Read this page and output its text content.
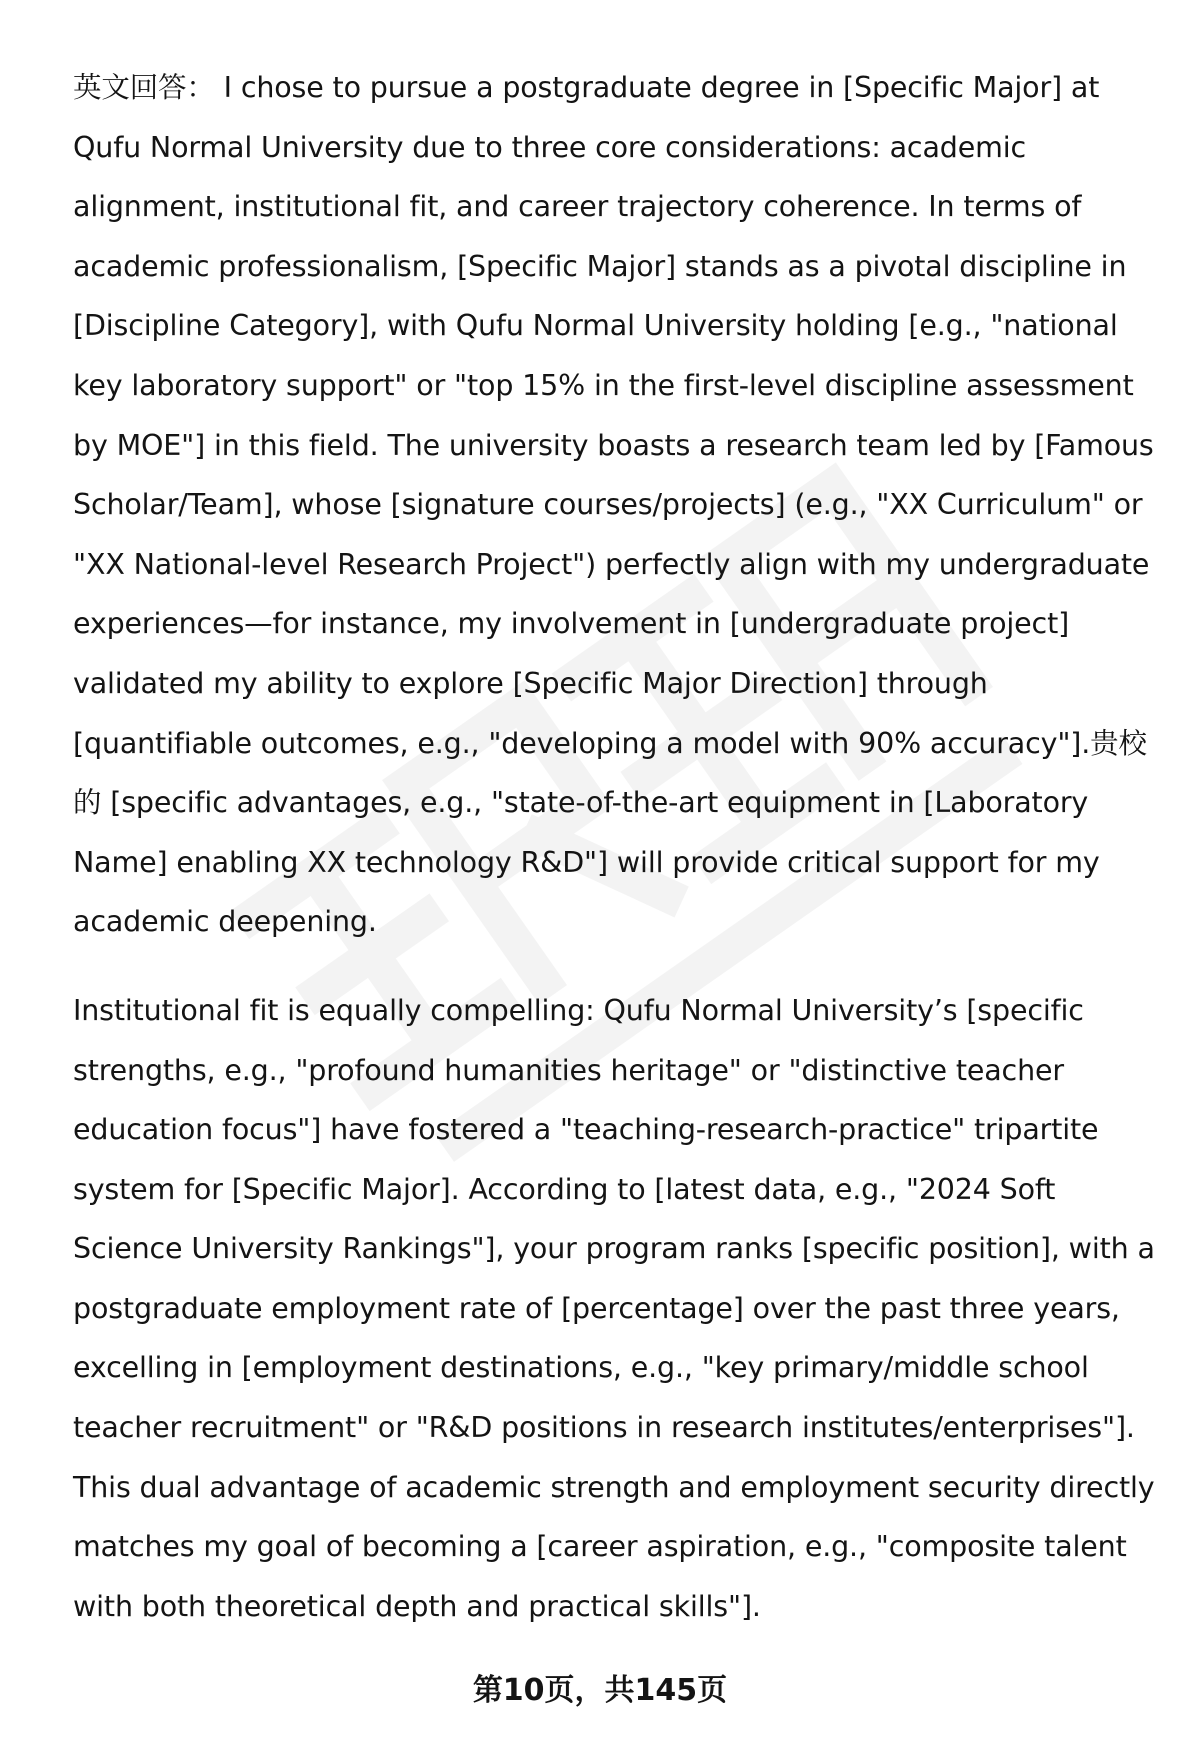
英文回答： I chose to pursue a postgraduate degree in [Specific Major] at Qufu Normal University due to three core considerations: academic alignment, institutional fit, and career trajectory coherence. In terms of academic professionalism, [Specific Major] stands as a pivotal discipline in [Discipline Category], with Qufu Normal University holding [e.g., "national key laboratory support" or "top 15% in the first-level discipline assessment by MOE"] in this field. The university boasts a research team led by [Famous Scholar/Team], whose [signature courses/projects] (e.g., "XX Curriculum" or "XX National-level Research Project") perfectly align with my undergraduate experiences—for instance, my involvement in [undergraduate project] validated my ability to explore [Specific Major Direction] through [quantifiable outcomes, e.g., "developing a model with 90% accuracy"].贵校的 [specific advantages, e.g., "state-of-the-art equipment in [Laboratory Name] enabling XX technology R&D"] will provide critical support for my academic deepening.

Institutional fit is equally compelling: Qufu Normal University’s [specific strengths, e.g., "profound humanities heritage" or "distinctive teacher education focus"] have fostered a "teaching-research-practice" tripartite system for [Specific Major]. According to [latest data, e.g., "2024 Soft Science University Rankings"], your program ranks [specific position], with a postgraduate employment rate of [percentage] over the past three years, excelling in [employment destinations, e.g., "key primary/middle school teacher recruitment" or "R&D positions in research institutes/enterprises"]. This dual advantage of academic strength and employment security directly matches my goal of becoming a [career aspiration, e.g., "composite talent with both theoretical depth and practical skills"].

第10页，共145页
